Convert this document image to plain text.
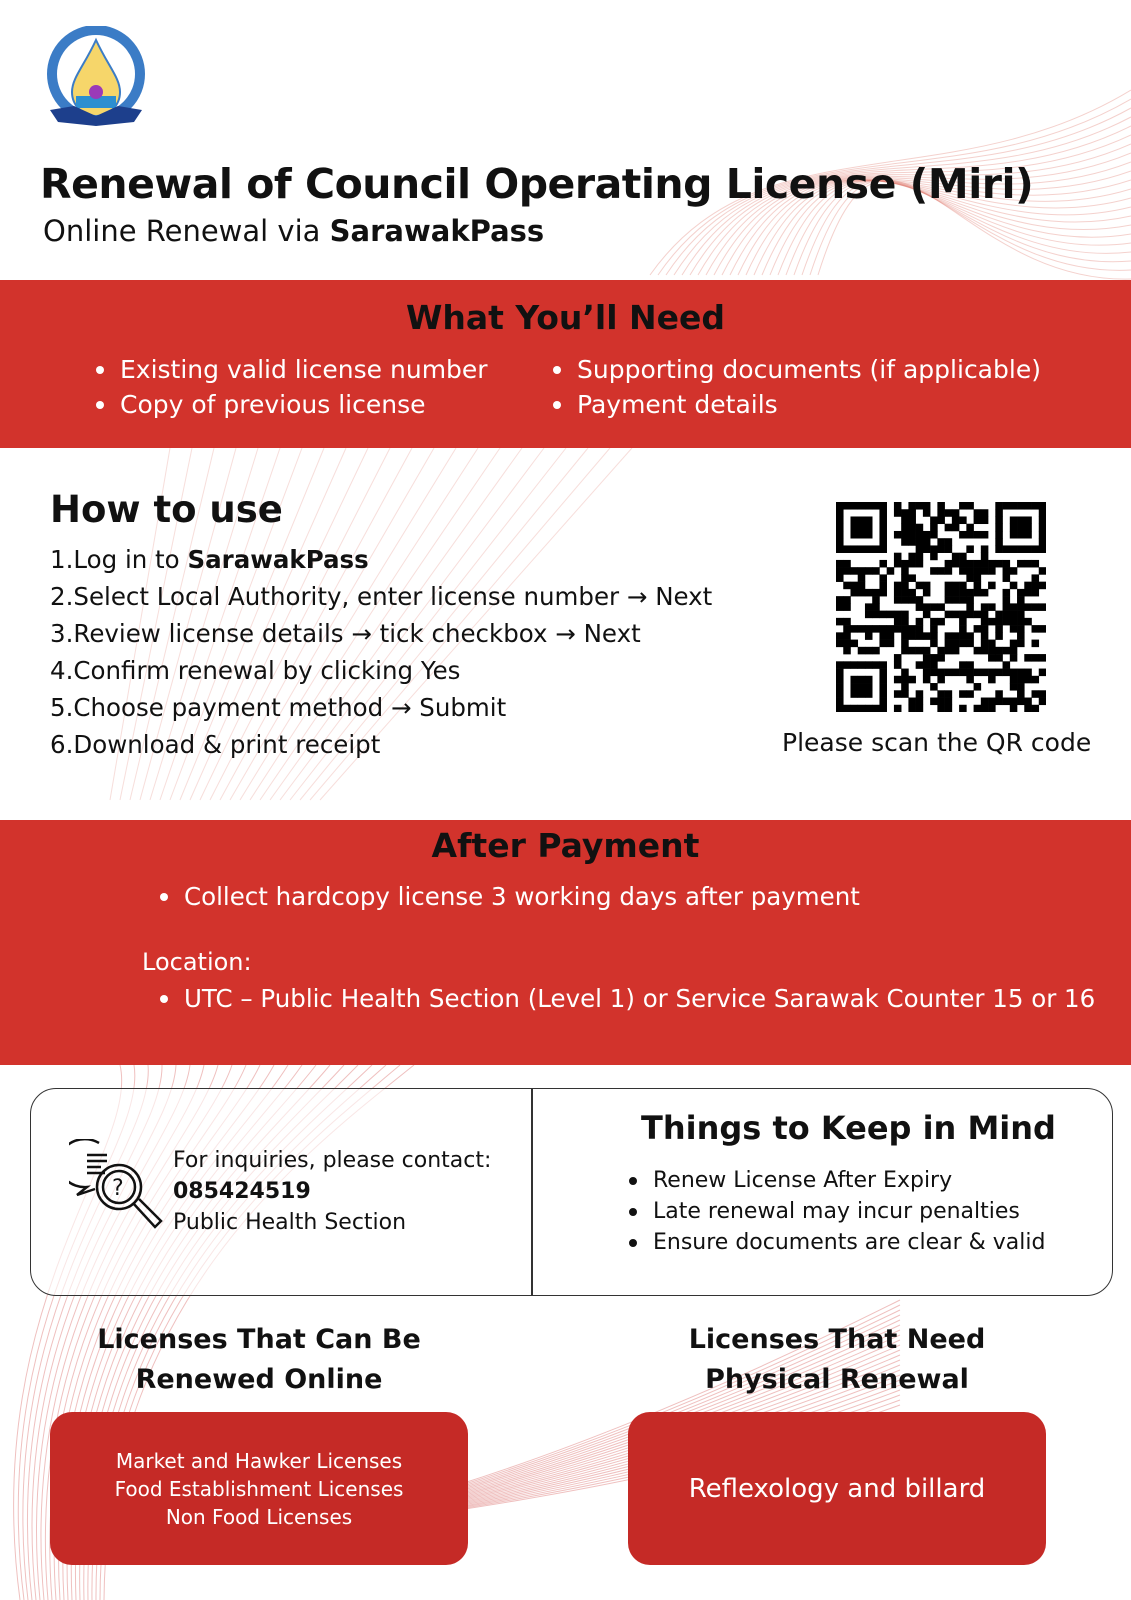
Renewal of Council Operating License (Miri)
Online Renewal via SarawakPass
What You’ll Need
Existing valid license number
Copy of previous license
Supporting documents (if applicable)
Payment details
How to use
1.Log in to SarawakPass
2.Select Local Authority, enter license number → Next
3.Review license details → tick checkbox → Next
4.Confirm renewal by clicking Yes
5.Choose payment method → Submit
6.Download & print receipt	Please scan the QR code
After Payment
Collect hardcopy license 3 working days after payment
Location:
UTC – Public Health Section (Level 1) or Service Sarawak Counter 15 or 16
?
For inquiries, please contact:
085424519
Public Health Section
Things to Keep in Mind
Renew License After Expiry
Late renewal may incur penalties
Ensure documents are clear & valid
Licenses That Can Be
Renewed Online
Market and Hawker Licenses
Food Establishment Licenses
Non Food Licenses
Licenses That Need
Physical Renewal
Reflexology and billard
